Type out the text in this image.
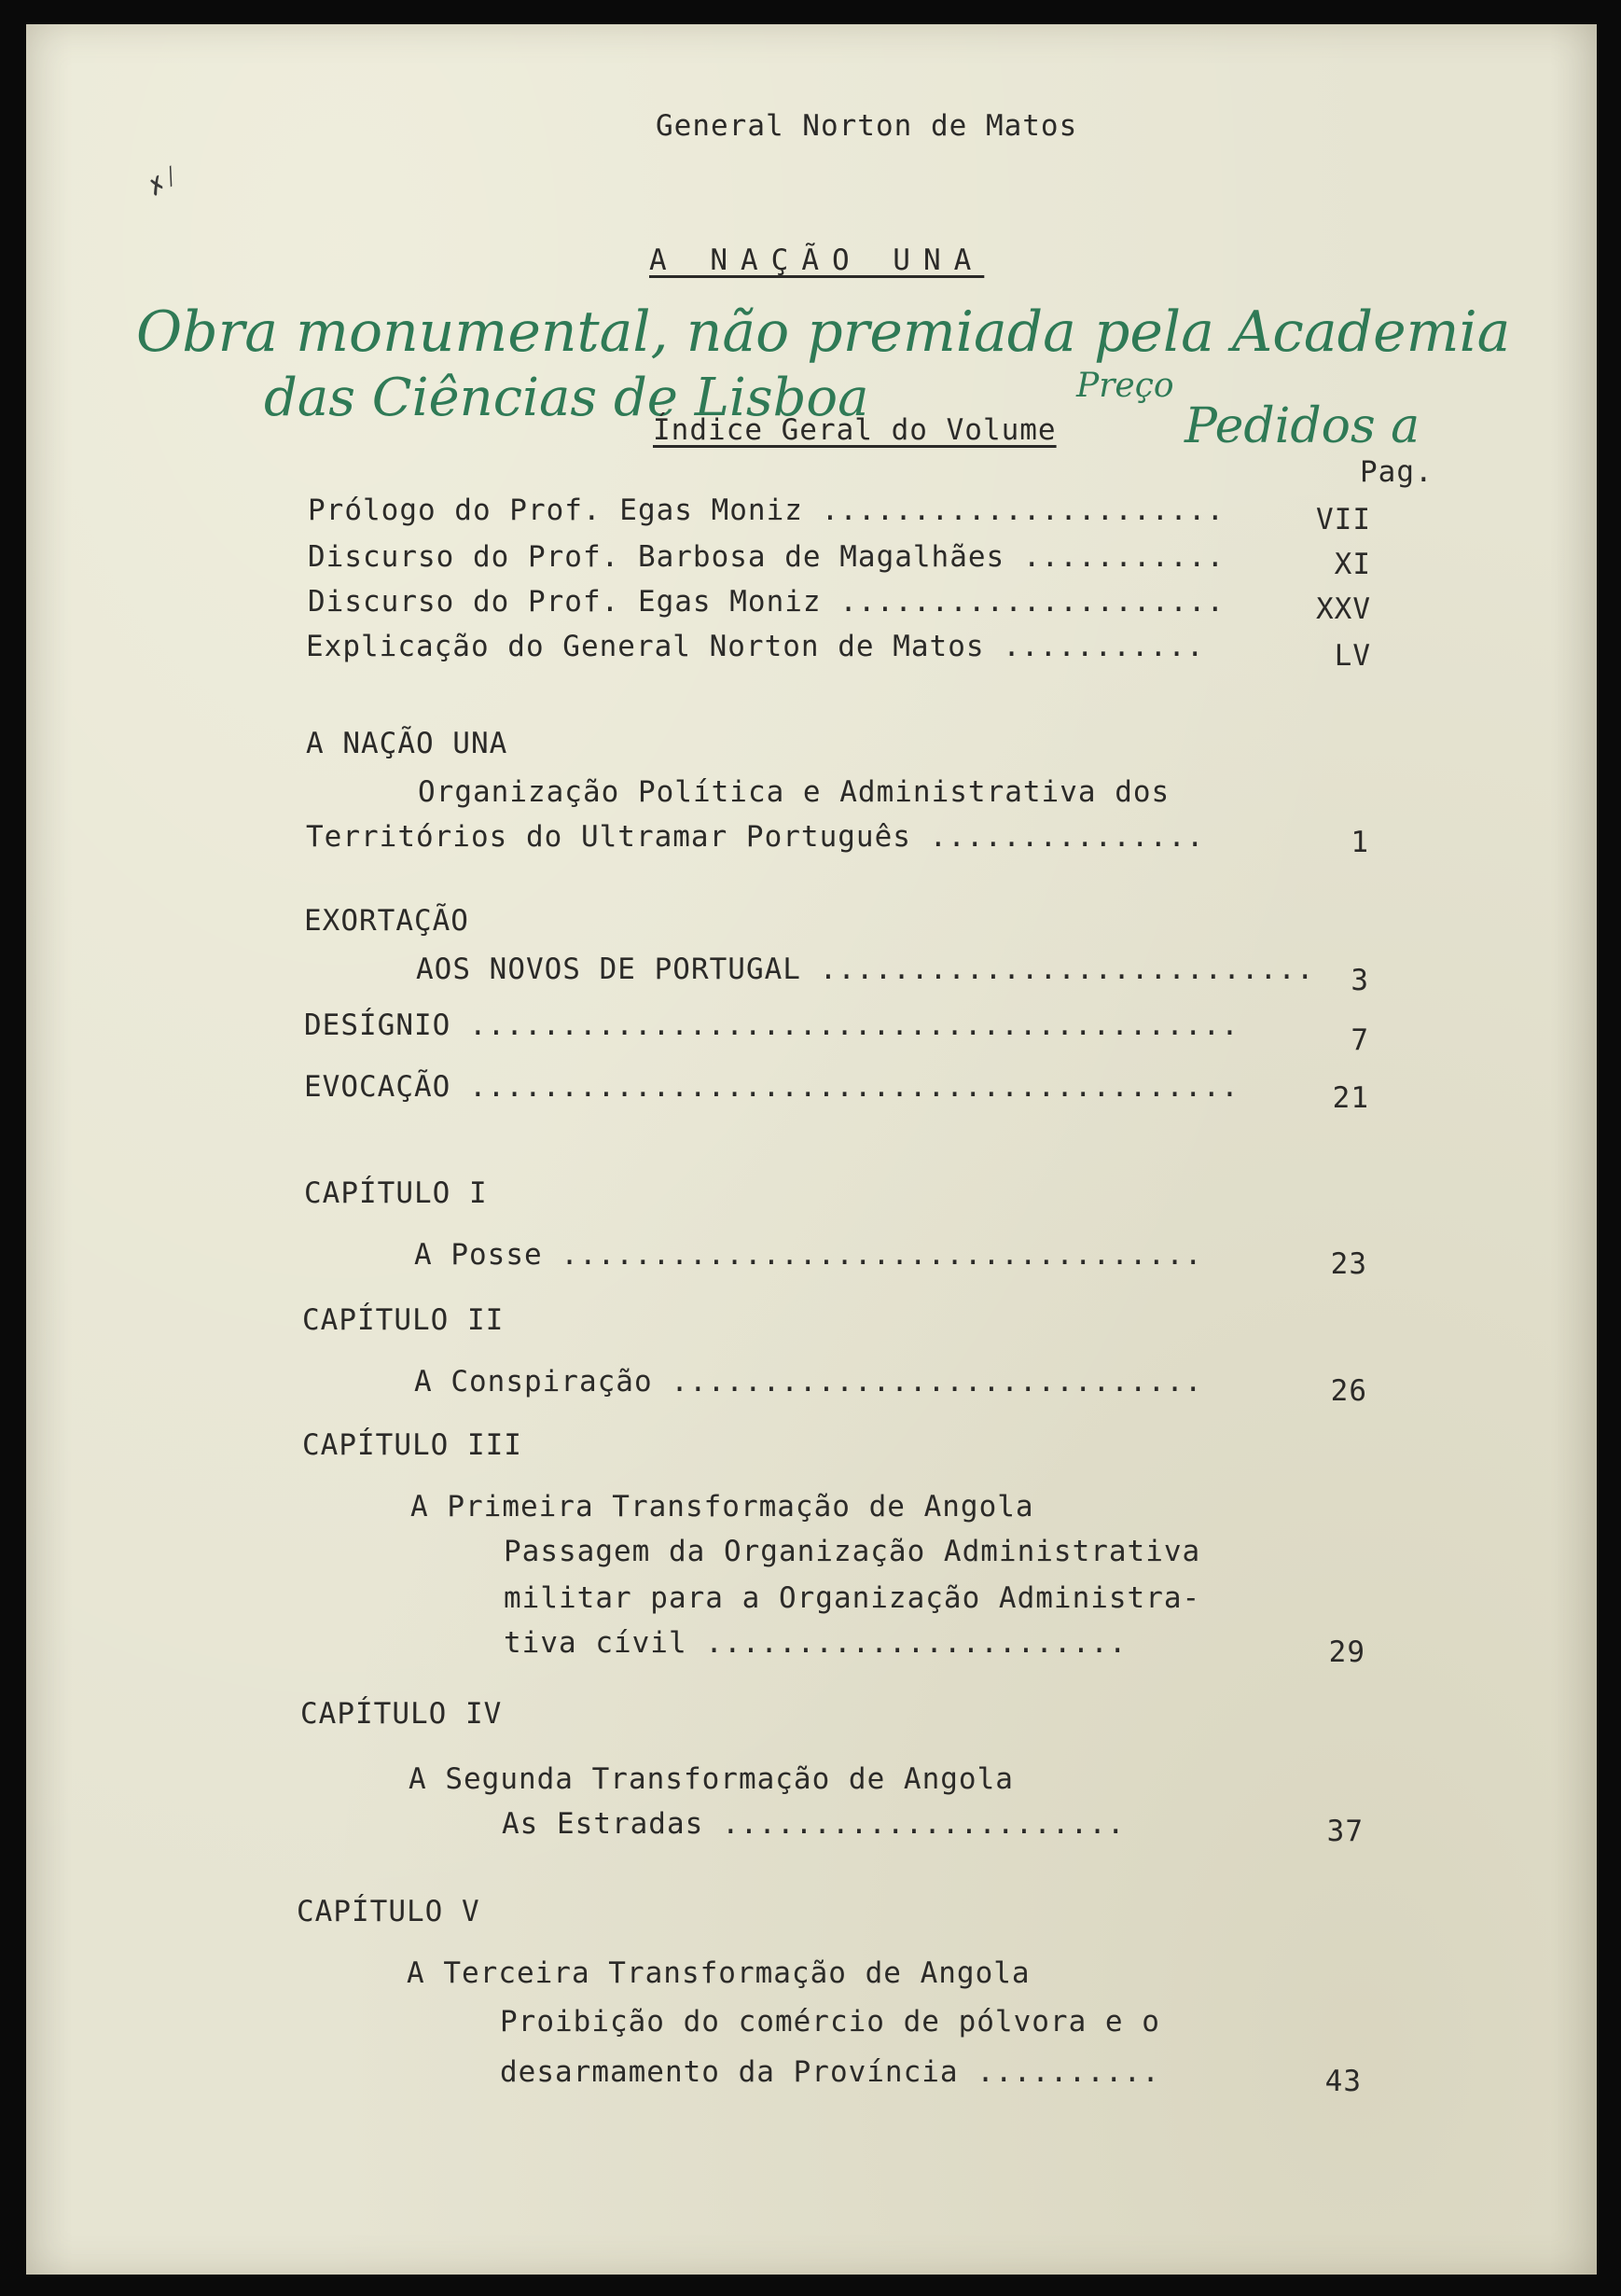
✗⁄
General Norton de Matos
A NAÇÃO UNA
Obra monumental, não premiada pela Academia
das Ciências de Lisboa	Preço
Pedidos a
Índice Geral do Volume
Pag.
Prólogo do Prof. Egas Moniz ......................	VII
Discurso do Prof. Barbosa de Magalhães ...........	XI
Discurso do Prof. Egas Moniz .....................	XXV
Explicação do General Norton de Matos ...........	LV
A NAÇÃO UNA
Organização Política e Administrativa dos
Territórios do Ultramar Português ...............	1
EXORTAÇÃO
AOS NOVOS DE PORTUGAL ...........................	3
DESÍGNIO ..........................................	7
EVOCAÇÃO ..........................................	21
CAPÍTULO I
A Posse ...................................	23
CAPÍTULO II
A Conspiração .............................	26
CAPÍTULO III
A Primeira Transformação de Angola
Passagem da Organização Administrativa
militar para a Organização Administra-
tiva cívil .......................	29
CAPÍTULO IV
A Segunda Transformação de Angola
As Estradas ......................	37
CAPÍTULO V
A Terceira Transformação de Angola
Proibição do comércio de pólvora e o
desarmamento da Província ..........	43
